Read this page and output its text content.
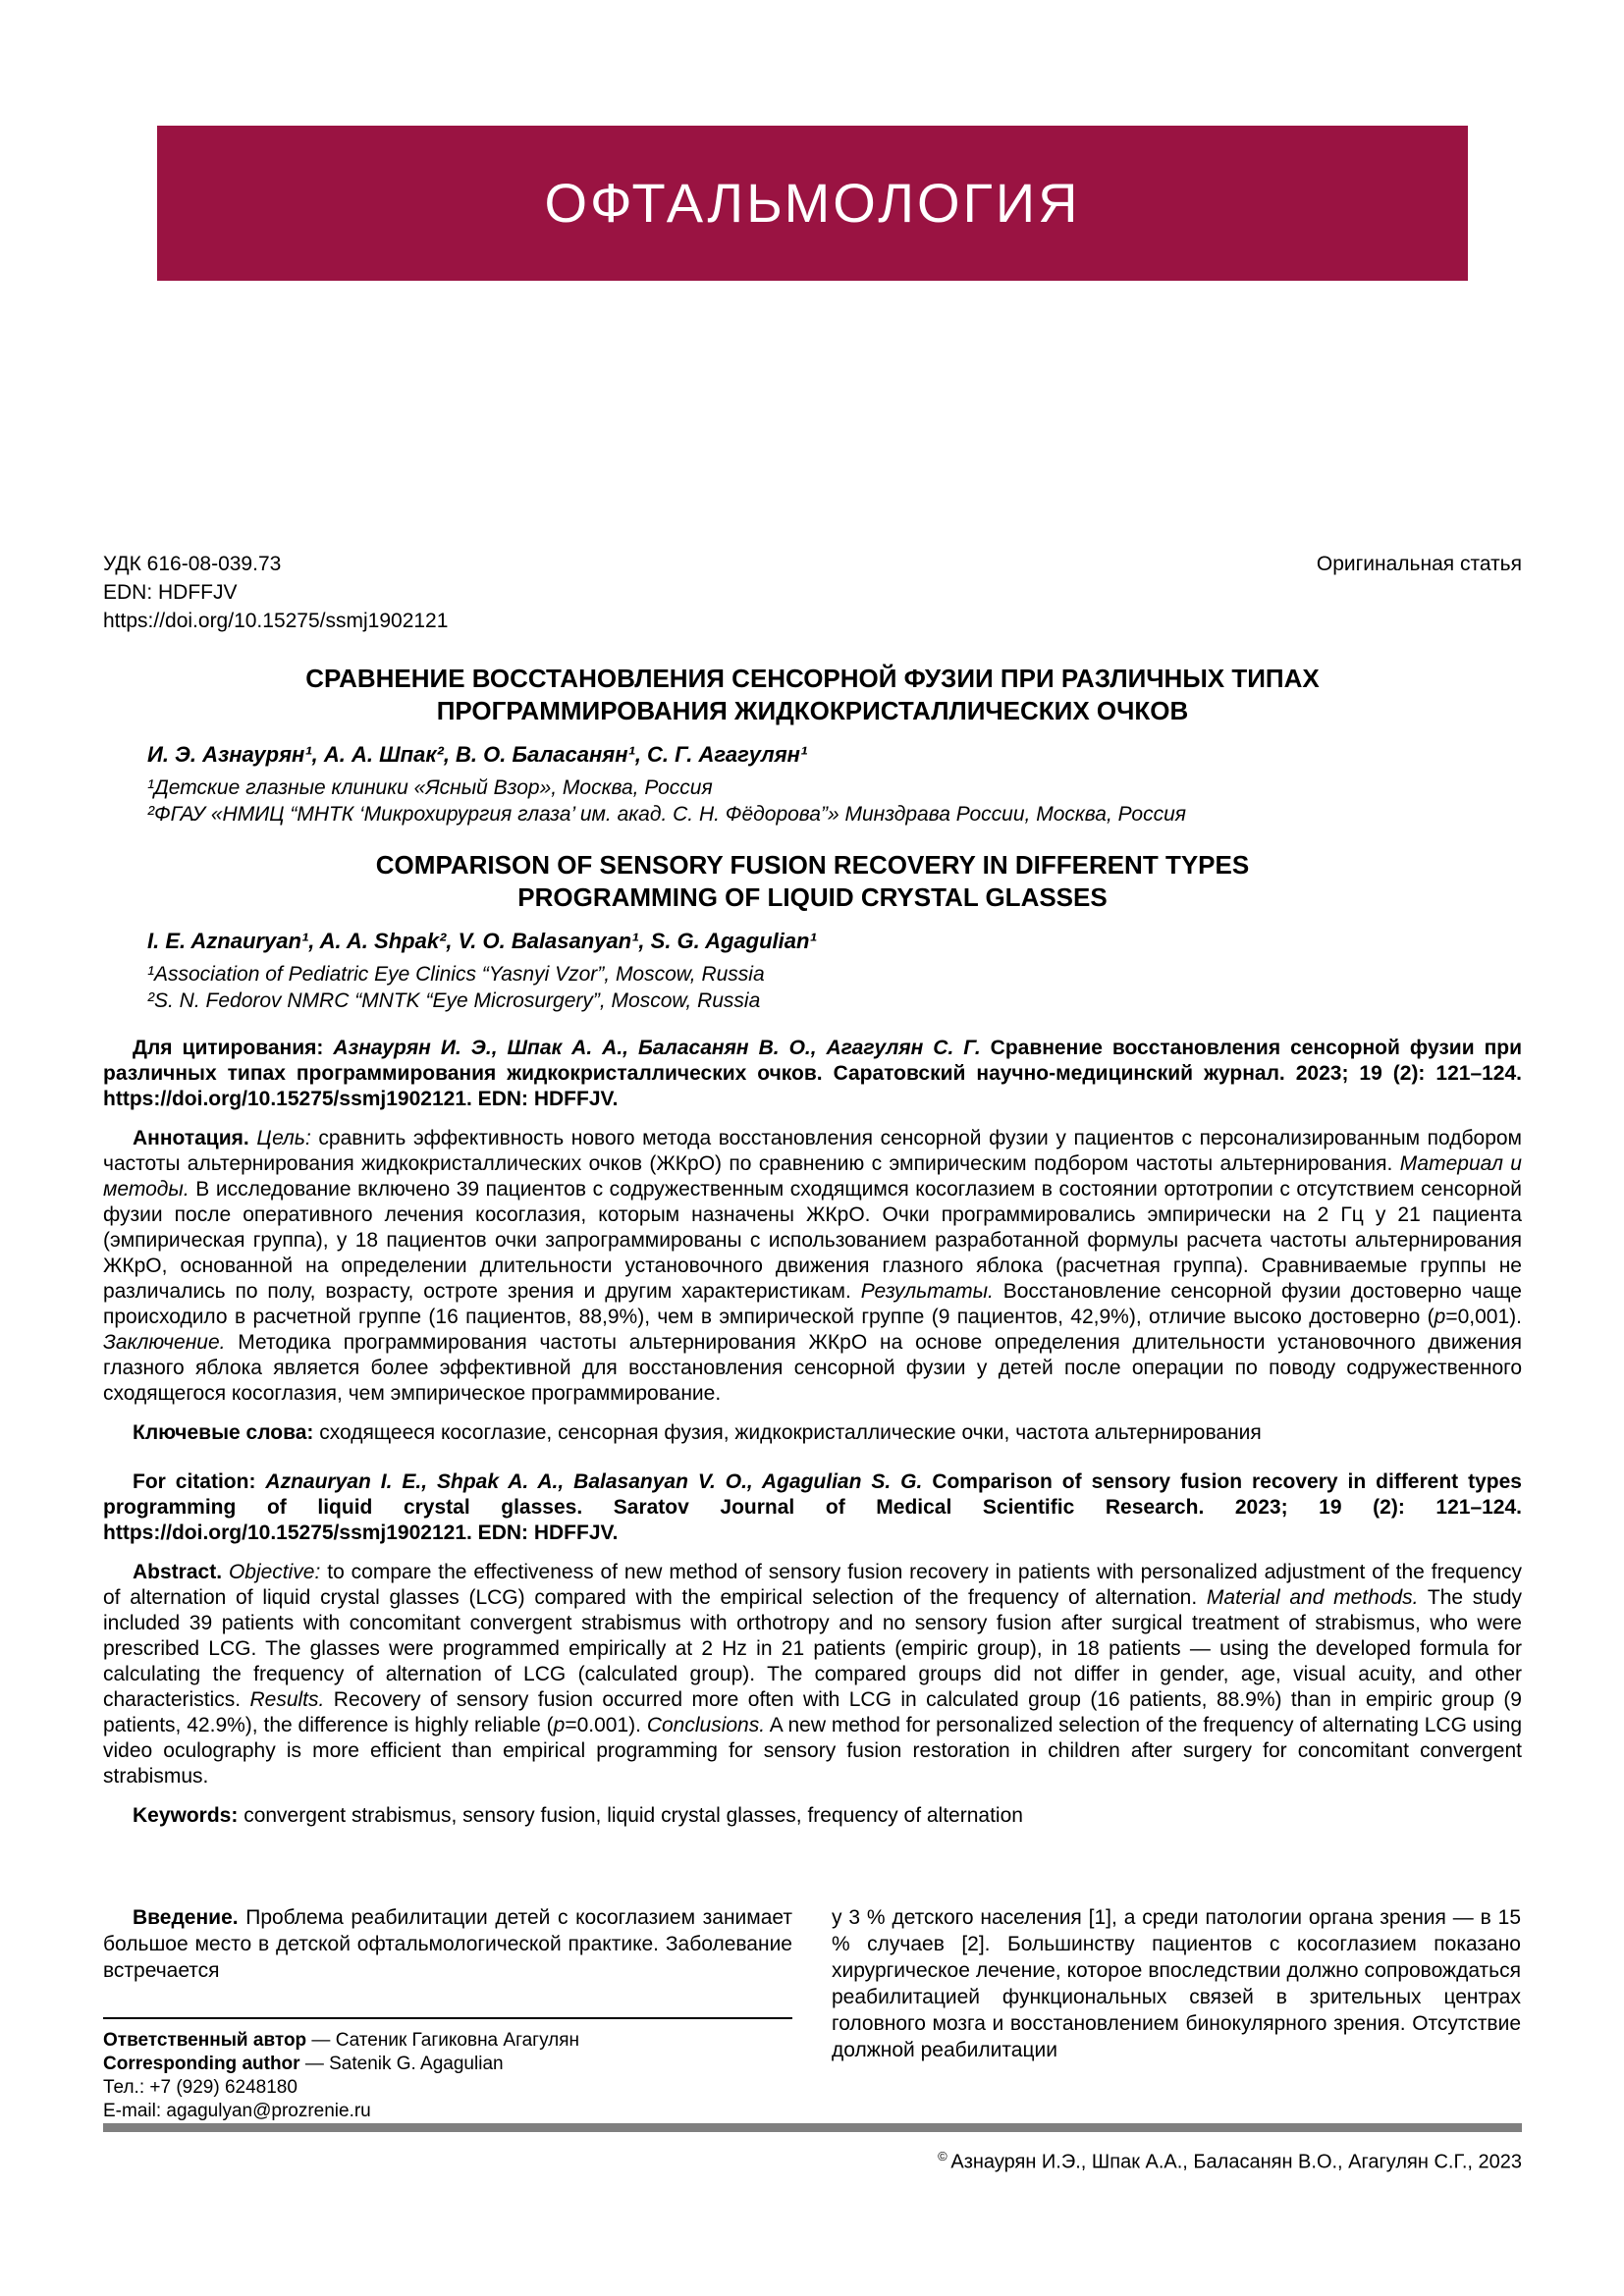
ОФТАЛЬМОЛОГИЯ
УДК 616-08-039.73
EDN: HDFFJV
https://doi.org/10.15275/ssmj1902121
Оригинальная статья
СРАВНЕНИЕ ВОССТАНОВЛЕНИЯ СЕНСОРНОЙ ФУЗИИ ПРИ РАЗЛИЧНЫХ ТИПАХ
ПРОГРАММИРОВАНИЯ ЖИДКОКРИСТАЛЛИЧЕСКИХ ОЧКОВ
И. Э. Азнаурян¹, А. А. Шпак², В. О. Баласанян¹, С. Г. Агагулян¹
¹Детские глазные клиники «Ясный Взор», Москва, Россия
²ФГАУ «НМИЦ “МНТК ‘Микрохирургия глаза’ им. акад. С. Н. Фёдорова”» Минздрава России, Москва, Россия
COMPARISON OF SENSORY FUSION RECOVERY IN DIFFERENT TYPES
PROGRAMMING OF LIQUID CRYSTAL GLASSES
I. E. Aznauryan¹, A. A. Shpak², V. O. Balasanyan¹, S. G. Agagulian¹
¹Association of Pediatric Eye Clinics “Yasnyi Vzor”, Moscow, Russia
²S. N. Fedorov NMRC “MNTK “Eye Microsurgery”, Moscow, Russia

Для цитирования: Азнаурян И. Э., Шпак А. А., Баласанян В. О., Агагулян С. Г. Сравнение восстановления сенсорной фузии при различных типах программирования жидкокристаллических очков. Саратовский научно-медицинский журнал. 2023; 19 (2): 121–124. https://doi.org/10.15275/ssmj1902121. EDN: HDFFJV.

Аннотация. Цель: сравнить эффективность нового метода восстановления сенсорной фузии у пациентов с персонализированным подбором частоты альтернирования жидкокристаллических очков (ЖКрО) по сравнению с эмпирическим подбором частоты альтернирования. Материал и методы. В исследование включено 39 пациентов с содружественным сходящимся косоглазием в состоянии ортотропии с отсутствием сенсорной фузии после оперативного лечения косоглазия, которым назначены ЖКрО. Очки программировались эмпирически на 2 Гц у 21 пациента (эмпирическая группа), у 18 пациентов очки запрограммированы с использованием разработанной формулы расчета частоты альтернирования ЖКрО, основанной на определении длительности установочного движения глазного яблока (расчетная группа). Сравниваемые группы не различались по полу, возрасту, остроте зрения и другим характеристикам. Результаты. Восстановление сенсорной фузии достоверно чаще происходило в расчетной группе (16 пациентов, 88,9%), чем в эмпирической группе (9 пациентов, 42,9%), отличие высоко достоверно (p=0,001). Заключение. Методика программирования частоты альтернирования ЖКрО на основе определения длительности установочного движения глазного яблока является более эффективной для восстановления сенсорной фузии у детей после операции по поводу содружественного сходящегося косоглазия, чем эмпирическое программирование.

Ключевые слова: сходящееся косоглазие, сенсорная фузия, жидкокристаллические очки, частота альтернирования

For citation: Aznauryan I. E., Shpak A. A., Balasanyan V. O., Agagulian S. G. Comparison of sensory fusion recovery in different types programming of liquid crystal glasses. Saratov Journal of Medical Scientific Research. 2023; 19 (2): 121–124. https://doi.org/10.15275/ssmj1902121. EDN: HDFFJV.

Abstract. Objective: to compare the effectiveness of new method of sensory fusion recovery in patients with personalized adjustment of the frequency of alternation of liquid crystal glasses (LCG) compared with the empirical selection of the frequency of alternation. Material and methods. The study included 39 patients with concomitant convergent strabismus with orthotropy and no sensory fusion after surgical treatment of strabismus, who were prescribed LCG. The glasses were programmed empirically at 2 Hz in 21 patients (empiric group), in 18 patients — using the developed formula for calculating the frequency of alternation of LCG (calculated group). The compared groups did not differ in gender, age, visual acuity, and other characteristics. Results. Recovery of sensory fusion occurred more often with LCG in calculated group (16 patients, 88.9%) than in empiric group (9 patients, 42.9%), the difference is highly reliable (p=0.001). Conclusions. A new method for personalized selection of the frequency of alternating LCG using video oculography is more efficient than empirical programming for sensory fusion restoration in children after surgery for concomitant convergent strabismus.

Keywords: convergent strabismus, sensory fusion, liquid crystal glasses, frequency of alternation

Введение. Проблема реабилитации детей с косоглазием занимает большое место в детской офтальмологической практике. Заболевание встречается

Ответственный автор — Сатеник Гагиковна Агагулян
Corresponding author — Satenik G. Agagulian
Тел.: +7 (929) 6248180
E-mail: agagulyan@prozrenie.ru

у 3 % детского населения [1], а среди патологии органа зрения — в 15 % случаев [2]. Большинству пациентов с косоглазием показано хирургическое лечение, которое впоследствии должно сопровождаться реабилитацией функциональных связей в зрительных центрах головного мозга и восстановлением бинокулярного зрения. Отсутствие должной реабилитации

© Азнаурян И.Э., Шпак А.А., Баласанян В.О., Агагулян С.Г., 2023
